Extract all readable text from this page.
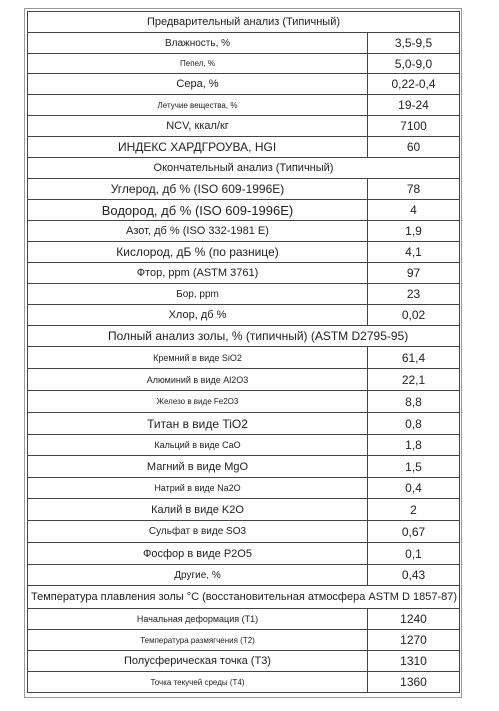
Предварительный анализ (Типичный)	
Влажность, %	3,5-9,5
Пепел, %	5,0-9,0
Сера, %	0,22-0,4
Летучие вещества, %	19-24
NCV, ккал/кг	7100
ИНДЕКС ХАРДГРОУВА, HGI	60
Окончательный анализ (Типичный)	
Углерод, дб % (ISO 609-1996E)	78
Водород, дб % (ISO 609-1996E)	4
Азот, дб % (ISO 332-1981 E)	1,9
Кислород, дБ % (по разнице)	4,1
Фтор, ppm (ASTM 3761)	97
Бор, ppm	23
Хлор, дб %	0,02
Полный анализ золы, % (типичный) (ASTM D2795-95)	
Кремний в виде SiO2	61,4
Алюминий в виде Al2O3	22,1
Железо в виде Fe2O3	8,8
Титан в виде TiO2	0,8
Кальций в виде CaO	1,8
Магний в виде MgO	1,5
Натрий в виде Na2O	0,4
Калий в виде K2O	2
Сульфат в виде SO3	0,67
Фосфор в виде P2O5	0,1
Другие, %	0,43
Температура плавления золы °С (восстановительная атмосфера ASTM D 1857-87)	
Начальная деформация (T1)	1240
Температура размягчения (T2)	1270
Полусферическая точка (T3)	1310
Точка текучей среды (T4)	1360
